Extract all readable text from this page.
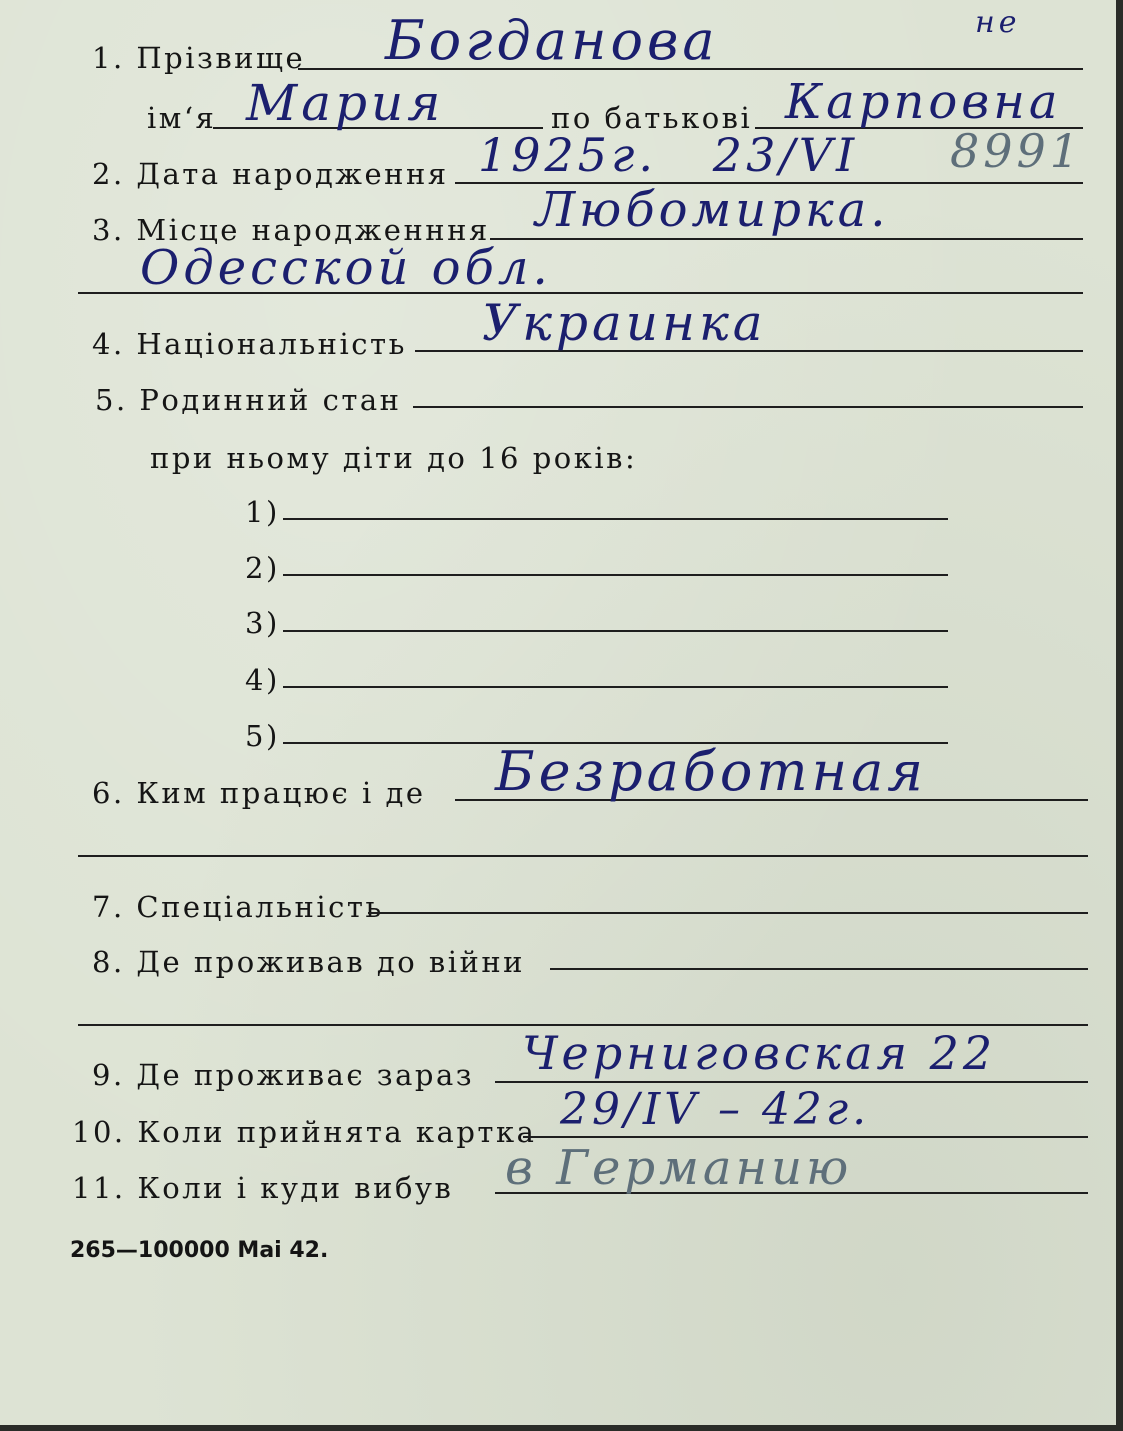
не
1. Прізвище Богданова
ім‘я Мария	по батькові Карповна
2. Дата народження 1925г.   23/VI 8991
3. Місце народженння Любомирка.
Одесской обл.
4. Національність Украинка
5. Родинний стан
при ньому діти до 16 років:
1)
2)
3)
4)
5)
6. Ким працює і де Безработная
7. Спеціальність
8. Де проживав до війни
9. Де проживає зараз Черниговская 22
10. Коли прийнята картка 29/IV – 42г.
11. Коли і куди вибув в Германию
265—100000 Mai 42.
